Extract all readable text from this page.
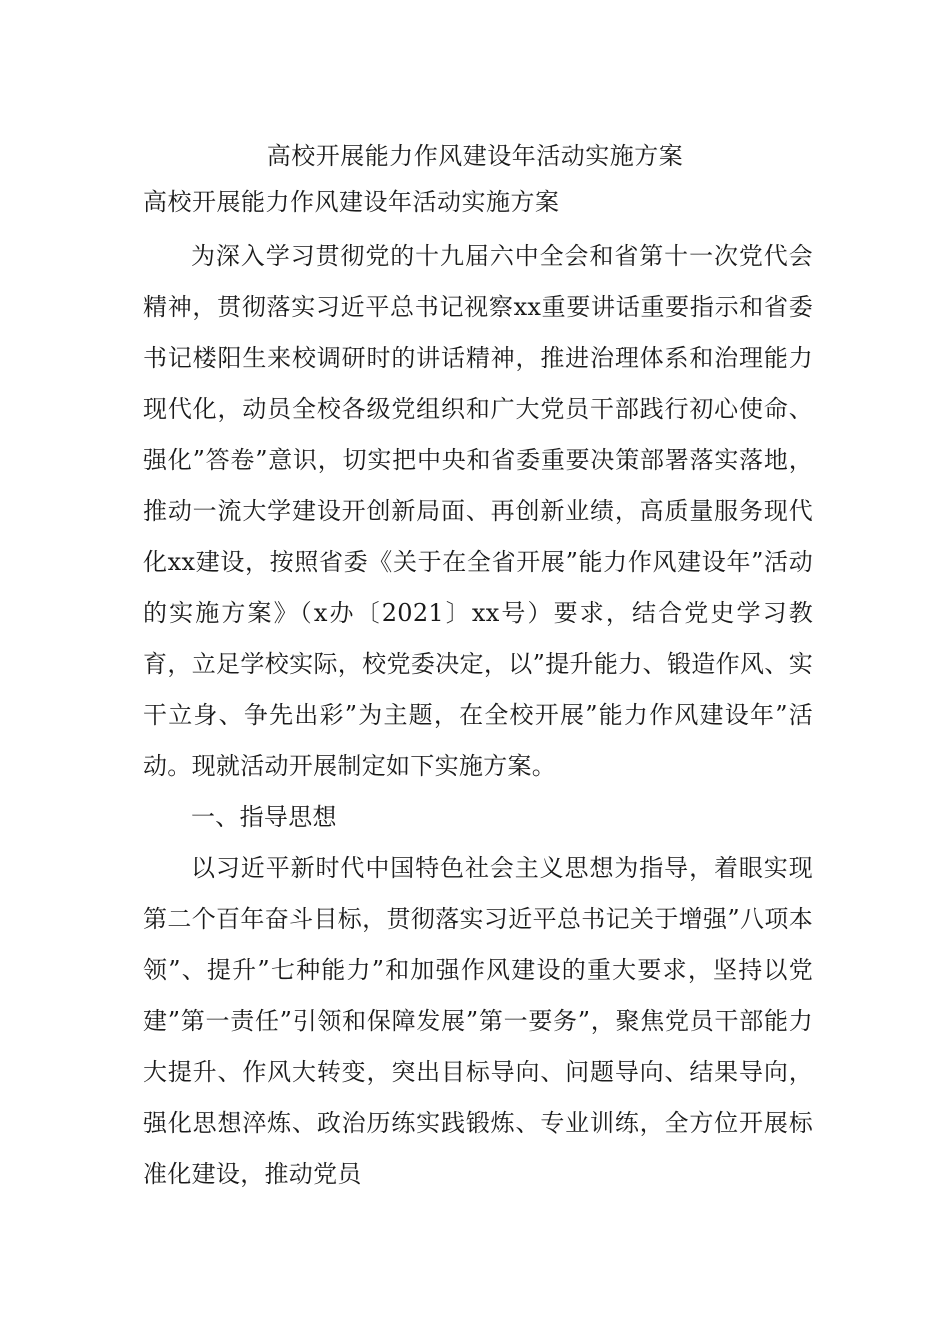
高校开展能力作风建设年活动实施方案
高校开展能力作风建设年活动实施方案

为深入学习贯彻党的十九届六中全会和省第十一次党代会精神，贯彻落实习近平总书记视察xx重要讲话重要指示和省委书记楼阳生来校调研时的讲话精神，推进治理体系和治理能力现代化，动员全校各级党组织和广大党员干部践行初心使命、强化”答卷”意识，切实把中央和省委重要决策部署落实落地，推动一流大学建设开创新局面、再创新业绩，高质量服务现代化xx建设，按照省委《关于在全省开展”能力作风建设年”活动的实施方案》（x办〔2021〕xx号）要求，结合党史学习教育，立足学校实际，校党委决定，以”提升能力、锻造作风、实干立身、争先出彩”为主题，在全校开展”能力作风建设年”活动。现就活动开展制定如下实施方案。

一、指导思想

以习近平新时代中国特色社会主义思想为指导，着眼实现第二个百年奋斗目标，贯彻落实习近平总书记关于增强”八项本领”、提升”七种能力”和加强作风建设的重大要求，坚持以党建”第一责任”引领和保障发展”第一要务”，聚焦党员干部能力大提升、作风大转变，突出目标导向、问题导向、结果导向，强化思想淬炼、政治历练实践锻炼、专业训练，全方位开展标准化建设，推动党员
